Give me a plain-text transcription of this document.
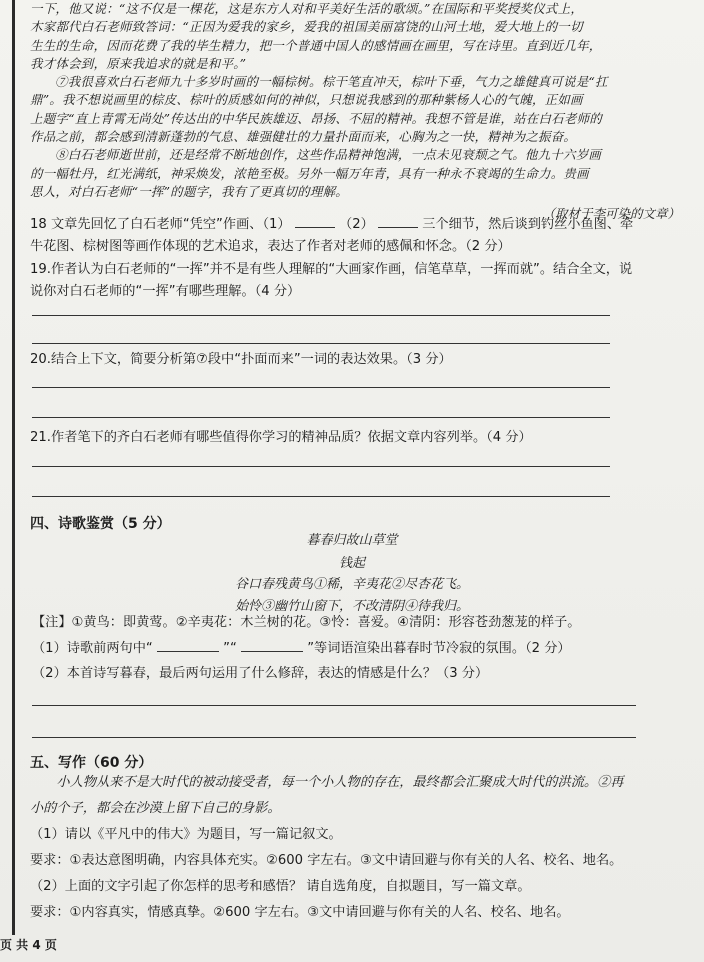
一下，他又说：“这不仅是一棵花，这是东方人对和平美好生活的歌颂。”在国际和平奖授奖仪式上，

木家都代白石老师致答词：“正因为爱我的家乡，爱我的祖国美丽富饶的山河土地，爱大地上的一切

生生的生命，因而花费了我的毕生精力，把一个普通中国人的感情画在画里，写在诗里。直到近几年，

我才体会到，原来我追求的就是和平。”

⑦我很喜欢白石老师九十多岁时画的一幅棕树。棕干笔直冲天，棕叶下垂，气力之雄健真可说是“扛

鼎”。我不想说画里的棕皮、棕叶的质感如何的神似，只想说我感到的那种紫杨人心的气魄，正如画

上题字“直上青霄无尚处”传达出的中华民族雄迈、昂扬、不屈的精神。我想不管是谁，站在白石老师的

作品之前，都会感到清新蓬勃的气息、雄强健壮的力量扑面而来，心胸为之一快，精神为之振奋。

⑧白石老师逝世前，还是经常不断地创作，这些作品精神饱满，一点未见衰颓之气。他九十六岁画

的一幅牡丹，红光满纸，神采焕发，浓艳至极。另外一幅万年青，具有一种永不衰竭的生命力。贵画

思人，对白石老师“一挥”的题字，我有了更真切的理解。

（取材于李可染的文章）
18 文章先回忆了白石老师“凭空”作画、（1）	（2）	三个细节，然后谈到钓丝小鱼图、牵
牛花图、棕树图等画作体现的艺术追求，表达了作者对老师的感佩和怀念。（2 分）
19.作者认为白石老师的“一挥”并不是有些人理解的“大画家作画，信笔草草，一挥而就”。结合全文，说
说你对白石老师的“一挥”有哪些理解。（4 分）
20.结合上下文，简要分析第⑦段中“扑面而来”一词的表达效果。（3 分）
21.作者笔下的齐白石老师有哪些值得你学习的精神品质？依据文章内容列举。（4 分）
四、诗歌鉴赏（5 分）
暮春归故山草堂
钱起
谷口春残黄鸟①稀，辛夷花②尽杏花飞。
始怜③幽竹山窗下，不改清阴④待我归。
【注】①黄鸟：即黄莺。②辛夷花：木兰树的花。③怜：喜爱。④清阴：形容苍劲葱茏的样子。
（1）诗歌前两句中“	”“	”等词语渲染出暮春时节冷寂的氛围。（2 分）
（2）本首诗写暮春，最后两句运用了什么修辞，表达的情感是什么？（3 分）
五、写作（60 分）
小人物从来不是大时代的被动接受者，每一个小人物的存在，最终都会汇聚成大时代的洪流。②再
小的个子，都会在沙漠上留下自己的身影。
（1）请以《平凡中的伟大》为题目，写一篇记叙文。
要求：①表达意图明确，内容具体充实。②600 字左右。③文中请回避与你有关的人名、校名、地名。
（2）上面的文字引起了你怎样的思考和感悟？ 请自选角度，自拟题目，写一篇文章。
要求：①内容真实，情感真挚。②600 字左右。③文中请回避与你有关的人名、校名、地名。
页 共 4 页
